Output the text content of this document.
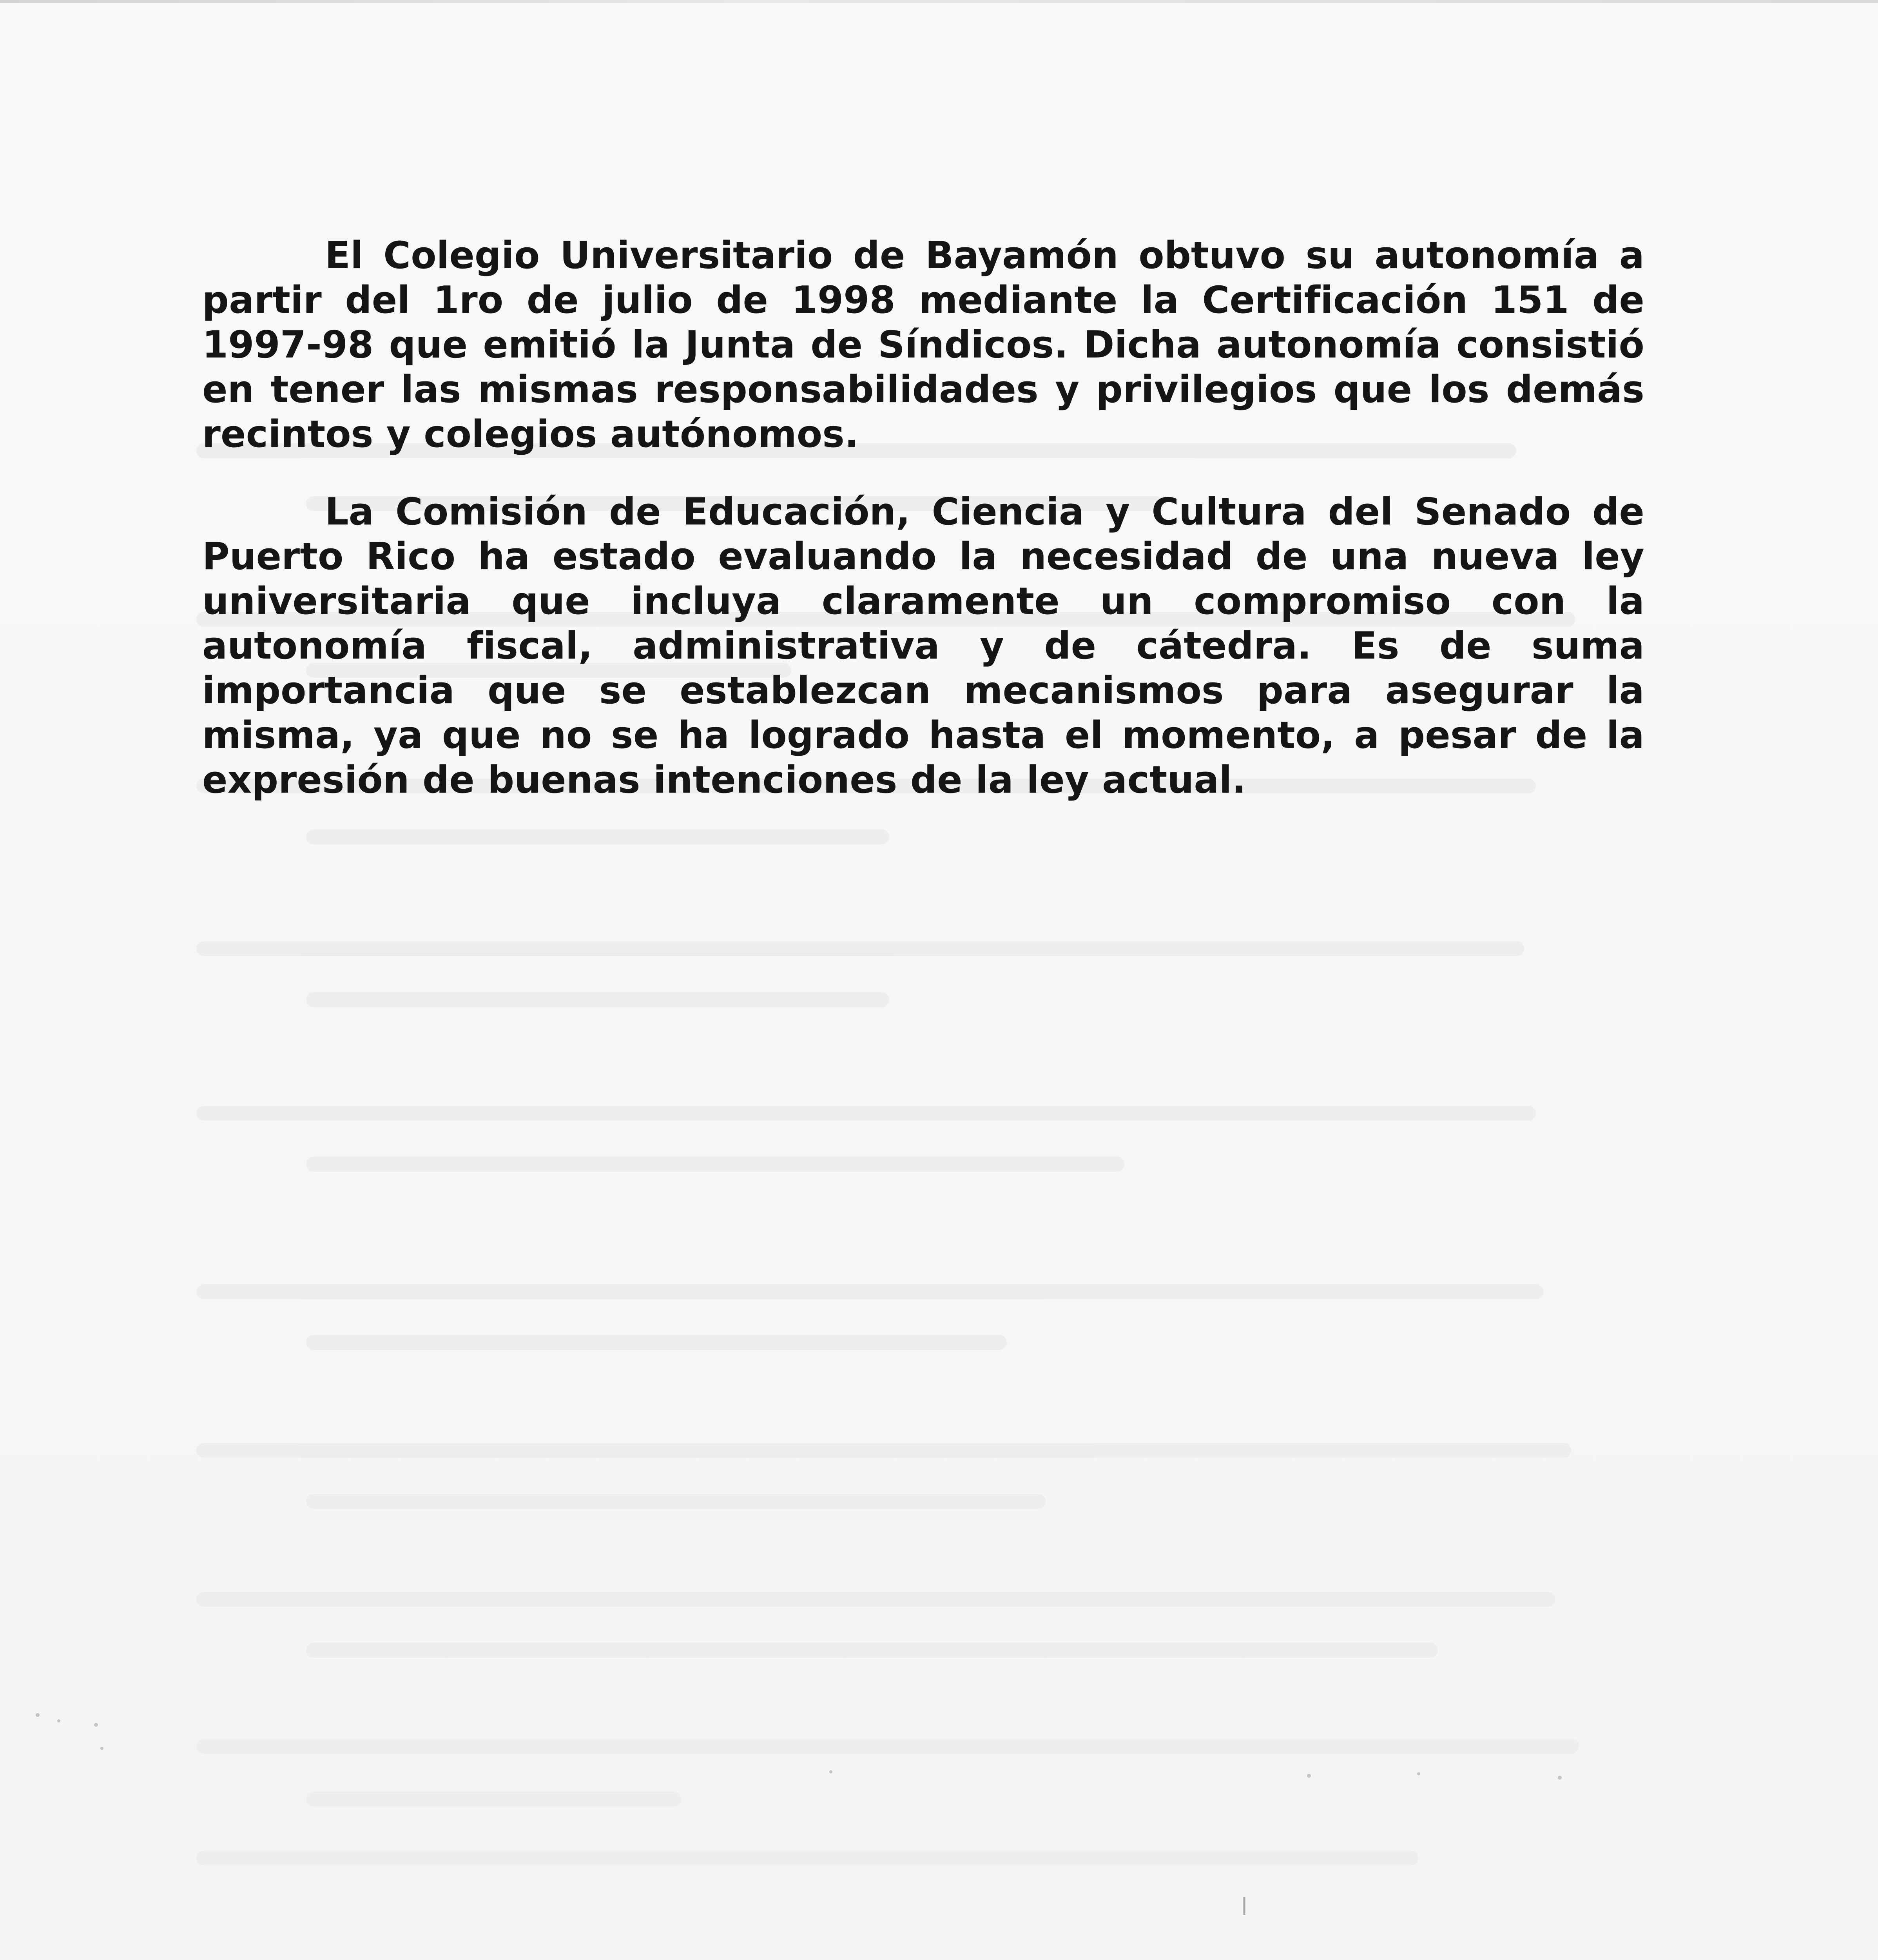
El Colegio Universitario de Bayamón obtuvo su autonomía a partir del 1ro de julio de 1998 mediante la Certificación 151 de 1997-98 que emitió la Junta de Síndicos. Dicha autonomía consistió en tener las mismas responsabilidades y privilegios que los demás recintos y colegios autónomos.

La Comisión de Educación, Ciencia y Cultura del Senado de Puerto Rico ha estado evaluando la necesidad de una nueva ley universitaria que incluya claramente un compromiso con la autonomía fiscal, administrativa y de cátedra. Es de suma importancia que se establezcan mecanismos para asegurar la misma, ya que no se ha logrado hasta el momento, a pesar de la expresión de buenas intenciones de la ley actual.
